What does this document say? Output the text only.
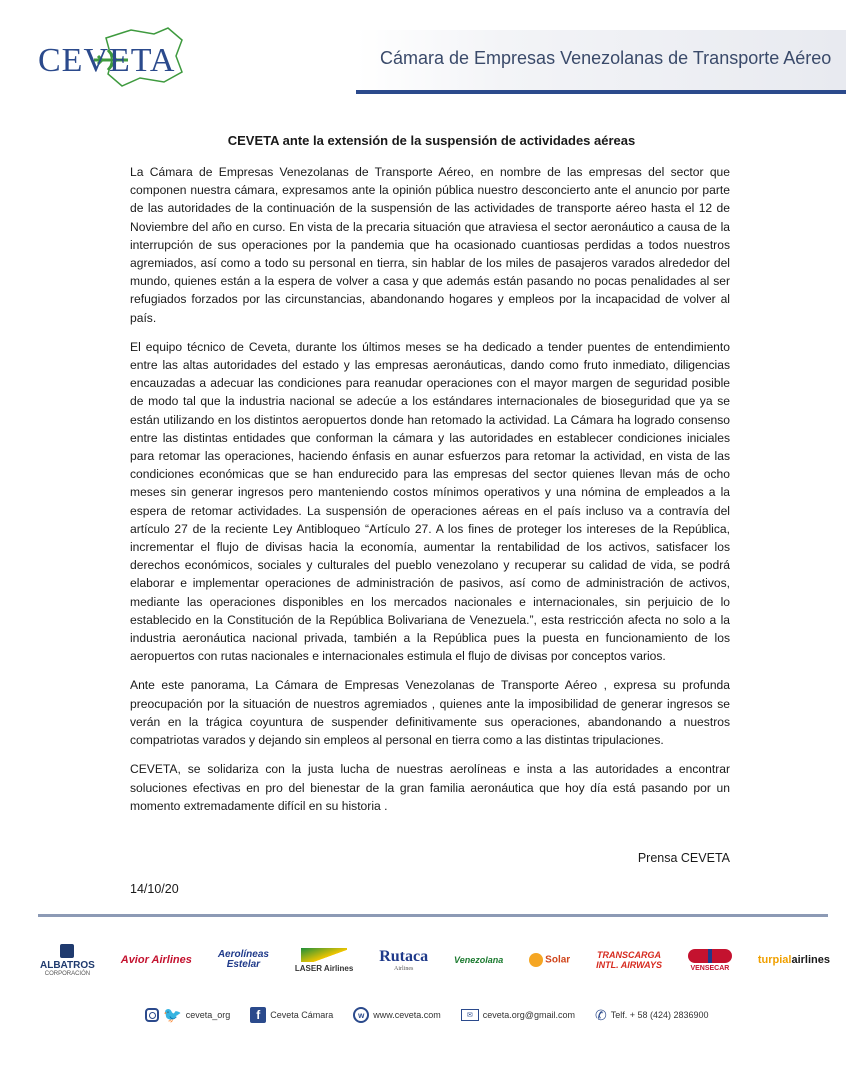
CEVETA	Cámara de Empresas Venezolanas de Transporte Aéreo
CEVETA ante la extensión de la suspensión de actividades aéreas

La Cámara de Empresas Venezolanas de Transporte Aéreo, en nombre de las empresas del sector que componen nuestra cámara, expresamos ante la opinión pública nuestro desconcierto ante el anuncio por parte de las autoridades de la continuación de la suspensión de las actividades de transporte aéreo hasta el 12 de Noviembre del año en curso. En vista de la precaria situación que atraviesa el sector aeronáutico a causa de la interrupción de sus operaciones por la pandemia que ha ocasionado cuantiosas perdidas a todos nuestros agremiados, así como a todo su personal en tierra, sin hablar de los miles de pasajeros varados alrededor del mundo, quienes están a la espera de volver a casa y que además están pasando no pocas penalidades al ser refugiados forzados por las circunstancias, abandonando hogares y empleos por la incapacidad de volver al país.

El equipo técnico de Ceveta, durante los últimos meses se ha dedicado a tender puentes de entendimiento entre las altas autoridades del estado y las empresas aeronáuticas, dando como fruto inmediato, diligencias encauzadas a adecuar las condiciones para reanudar operaciones con el mayor margen de seguridad posible de modo tal que la industria nacional se adecúe a los estándares internacionales de bioseguridad que ya se están utilizando en los distintos aeropuertos donde han retomado la actividad. La Cámara ha logrado consenso entre las distintas entidades que conforman la cámara y las autoridades en establecer condiciones iniciales para retomar las operaciones, haciendo énfasis en aunar esfuerzos para retomar la actividad, en vista de las condiciones económicas que se han endurecido para las empresas del sector quienes llevan más de ocho meses sin generar ingresos pero manteniendo costos mínimos operativos y una nómina de empleados a la espera de retomar actividades. La suspensión de operaciones aéreas en el país incluso va a contravía del artículo 27 de la reciente Ley Antibloqueo “Artículo 27. A los fines de proteger los intereses de la República, incrementar el flujo de divisas hacia la economía, aumentar la rentabilidad de los activos, satisfacer los derechos económicos, sociales y culturales del pueblo venezolano y recuperar su calidad de vida, se podrá elaborar e implementar operaciones de administración de pasivos, así como de administración de activos, mediante las operaciones disponibles en los mercados nacionales e internacionales, sin perjuicio de lo establecido en la Constitución de la República Bolivariana de Venezuela.”, esta restricción afecta no solo a la industria aeronáutica nacional privada, también a la República pues la puesta en funcionamiento de los aeropuertos con rutas nacionales e internacionales estimula el flujo de divisas por conceptos varios.

Ante este panorama, La Cámara de Empresas Venezolanas de Transporte Aéreo , expresa su profunda preocupación por la situación de nuestros agremiados , quienes ante la imposibilidad de generar ingresos se verán en la trágica coyuntura de suspender definitivamente sus operaciones, abandonando a nuestros compatriotas varados y dejando sin empleos al personal en tierra como a las distintas tripulaciones.

CEVETA, se solidariza con la justa lucha de nuestras aerolíneas e insta a las autoridades a encontrar soluciones efectivas en pro del bienestar de la gran familia aeronáutica que hoy día está pasando por un momento extremadamente difícil en su historia .

Prensa CEVETA
14/10/20
ALBATROS
CORPORACIÓN
Avior Airlines	Aerolíneas
Estelar	LASER Airlines
Rutaca
Airlines
Venezolana	Solar	TRANSCARGA
INTL. AIRWAYS	VENSECAR
turpialairlines
🐦 ceveta_org	f	Ceveta Cámara	w www.ceveta.com	✉	ceveta.org@gmail.com ✆ Telf. + 58 (424) 2836900
